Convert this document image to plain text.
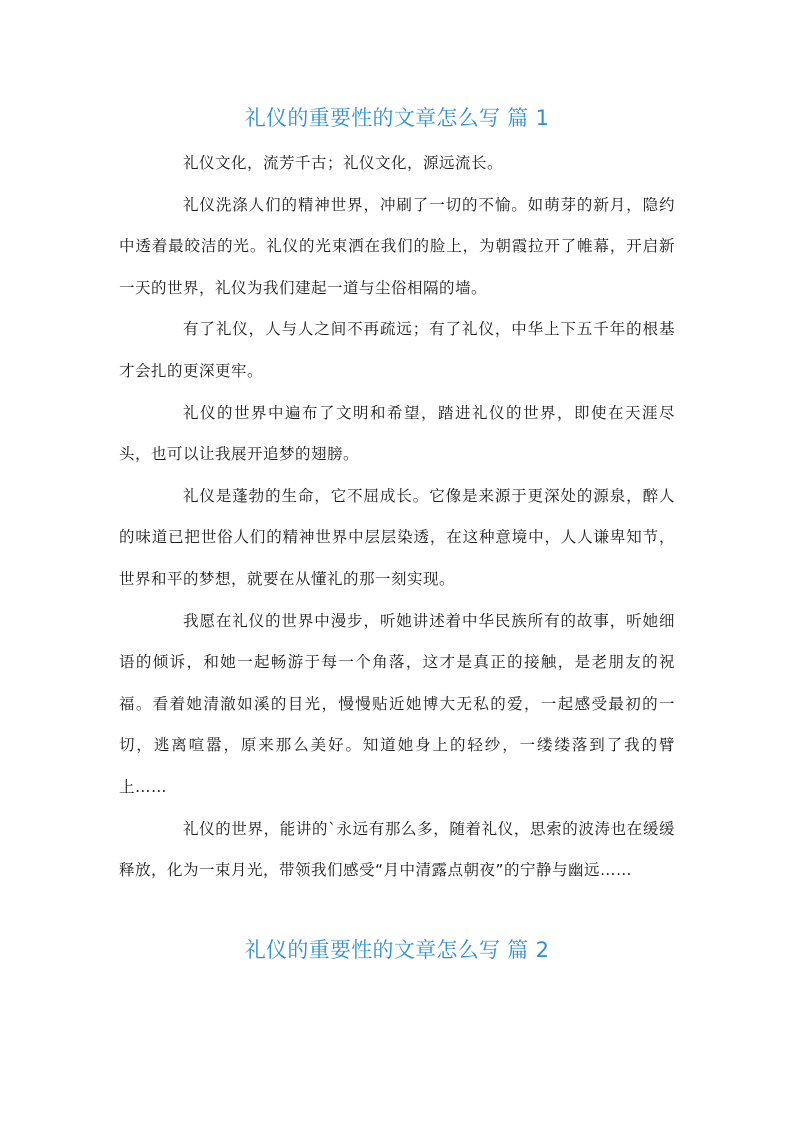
礼仪的重要性的文章怎么写 篇 1

礼仪文化，流芳千古；礼仪文化，源远流长。

礼仪洗涤人们的精神世界，冲刷了一切的不愉。如萌芽的新月，隐约中透着最皎洁的光。礼仪的光束洒在我们的脸上，为朝霞拉开了帷幕，开启新一天的世界，礼仪为我们建起一道与尘俗相隔的墙。

有了礼仪，人与人之间不再疏远；有了礼仪，中华上下五千年的根基才会扎的更深更牢。

礼仪的世界中遍布了文明和希望，踏进礼仪的世界，即使在天涯尽头，也可以让我展开追梦的翅膀。

礼仪是蓬勃的生命，它不屈成长。它像是来源于更深处的源泉，醉人的味道已把世俗人们的精神世界中层层染透，在这种意境中，人人谦卑知节，世界和平的梦想，就要在从懂礼的那一刻实现。

我愿在礼仪的世界中漫步，听她讲述着中华民族所有的故事，听她细语的倾诉，和她一起畅游于每一个角落，这才是真正的接触，是老朋友的祝福。看着她清澈如溪的目光，慢慢贴近她博大无私的爱，一起感受最初的一切，逃离喧嚣，原来那么美好。知道她身上的轻纱，一缕缕落到了我的臂上……

礼仪的世界，能讲的`永远有那么多，随着礼仪，思索的波涛也在缓缓释放，化为一束月光，带领我们感受“月中清露点朝夜”的宁静与幽远……

礼仪的重要性的文章怎么写 篇 2
